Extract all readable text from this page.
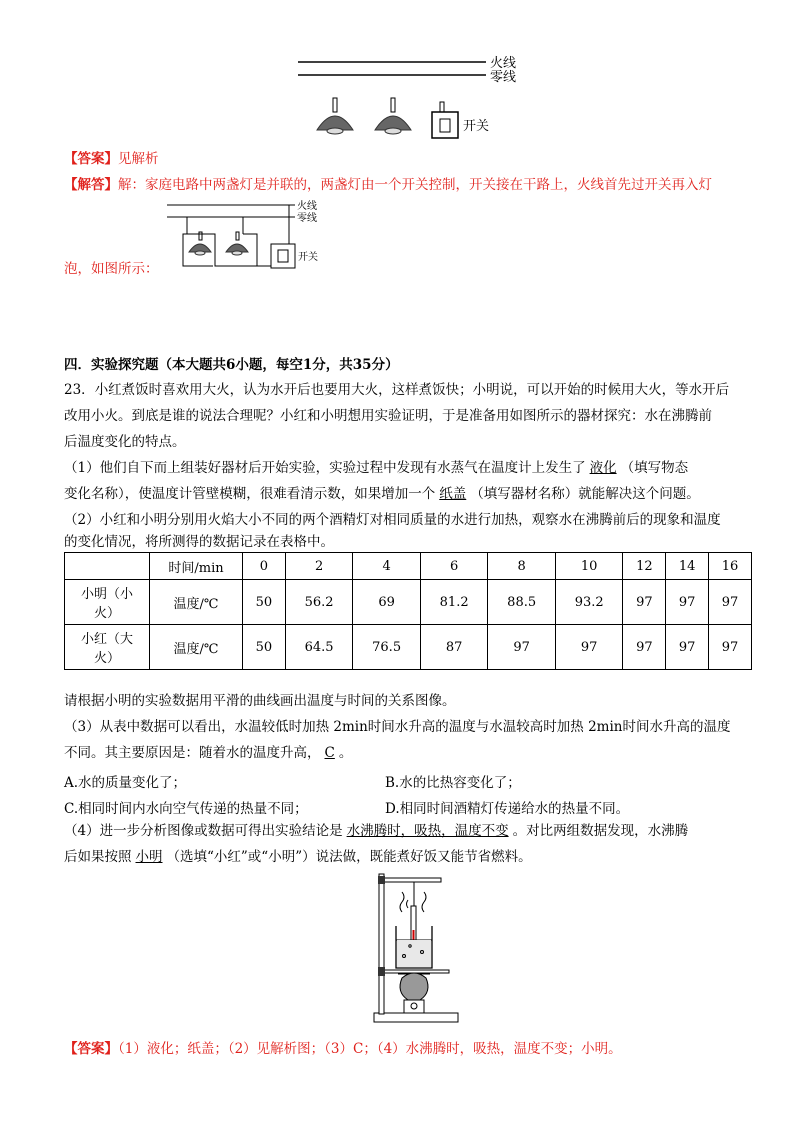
火线
零线
开关
【答案】见解析
【解答】解：家庭电路中两盏灯是并联的，两盏灯由一个开关控制，开关接在干路上，火线首先过开关再入灯
火线
零线
开关
泡，如图所示：
四．实验探究题（本大题共6小题，每空1分，共35分）
23．小红煮饭时喜欢用大火，认为水开后也要用大火，这样煮饭快；小明说，可以开始的时候用大火，等水开后
改用小火。到底是谁的说法合理呢？小红和小明想用实验证明，于是准备用如图所示的器材探究：水在沸腾前
后温度变化的特点。
（1）他们自下而上组装好器材后开始实验，实验过程中发现有水蒸气在温度计上发生了 液化 （填写物态
变化名称），使温度计管壁模糊，很难看清示数，如果增加一个 纸盖 （填写器材名称）就能解决这个问题。
（2）小红和小明分别用火焰大小不同的两个酒精灯对相同质量的水进行加热，观察水在沸腾前后的现象和温度
的变化情况，将所测得的数据记录在表格中。
	时间/min	0	2	4	6	8	10	12	14	16
小明（小
火）	温度/℃	50	56.2	69	81.2	88.5	93.2	97	97	97
小红（大
火）	温度/℃	50	64.5	76.5	87	97	97	97	97	97
请根据小明的实验数据用平滑的曲线画出温度与时间的关系图像。
（3）从表中数据可以看出，水温较低时加热 2min时间水升高的温度与水温较高时加热 2min时间水升高的温度
不同。其主要原因是：随着水的温度升高， C 。
A.水的质量变化了；	B.水的比热容变化了；
C.相同时间内水向空气传递的热量不同；	D.相同时间酒精灯传递给水的热量不同。
（4）进一步分析图像或数据可得出实验结论是 水沸腾时，吸热，温度不变 。对比两组数据发现，水沸腾
后如果按照 小明 （选填“小红”或“小明”）说法做，既能煮好饭又能节省燃料。
【答案】（1）液化；纸盖；（2）见解析图；（3）C；（4）水沸腾时，吸热，温度不变；小明。
